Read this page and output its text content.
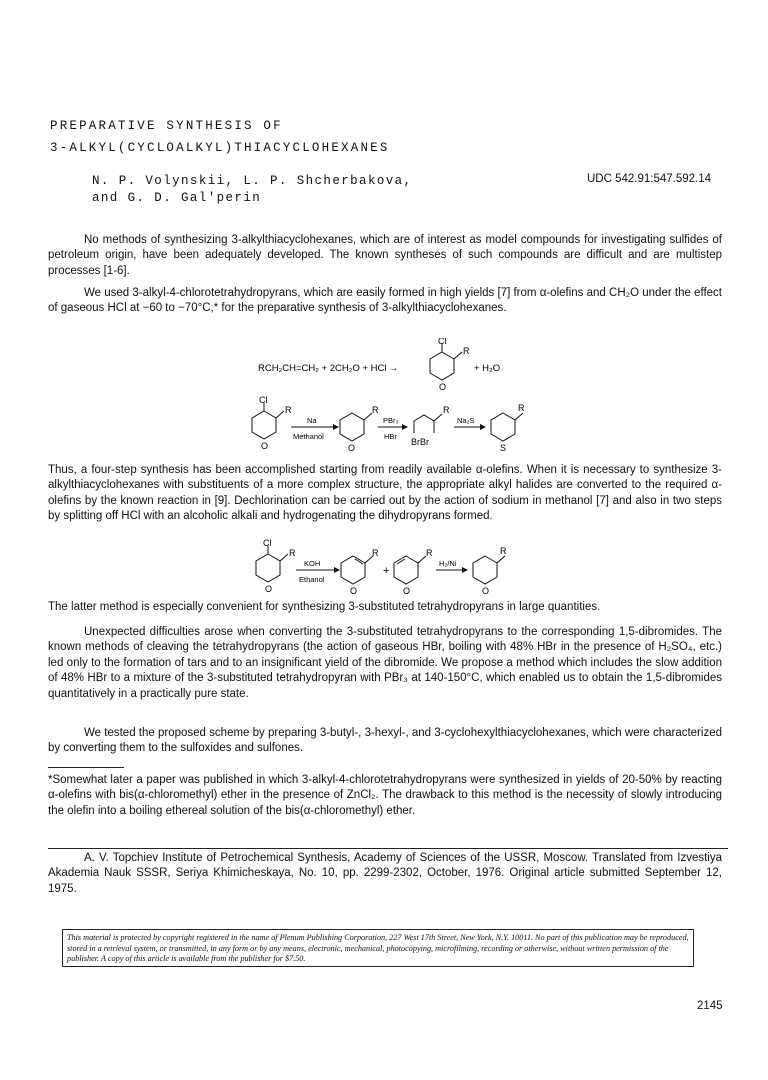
PREPARATIVE SYNTHESIS OF
3-ALKYL(CYCLOALKYL)THIACYCLOHEXANES
N. P. Volynskii, L. P. Shcherbakova,
and G. D. Gal'perin
UDC 542.91:547.592.14

No methods of synthesizing 3-alkylthiacyclohexanes, which are of interest as model compounds for investigating sulfides of petroleum origin, have been adequately developed. The known syntheses of such compounds are difficult and are multistep processes [1-6].

We used 3-alkyl-4-chlorotetrahydropyrans, which are easily formed in high yields [7] from α-olefins and CH₂O under the effect of gaseous HCl at −60 to −70°C,* for the preparative synthesis of 3-alkylthiacyclohexanes.

RCH₂CH=CH₂ + 2CH₂O + HCl →
Cl
R
O
+ H₂O
Cl
R
O
Na
Methanol
R
O
PBr₃
HBr
R
BrBr
Na₂S
R
S

Thus, a four-step synthesis has been accomplished starting from readily available α-olefins. When it is necessary to synthesize 3-alkylthiacyclohexanes with substituents of a more complex structure, the appropriate alkyl halides are converted to the required α-olefins by the known reaction in [9]. Dechlorination can be carried out by the action of sodium in methanol [7] and also in two steps by splitting off HCl with an alcoholic alkali and hydrogenating the dihydropyrans formed.

Cl
R
O
KOH
Ethanol
R
O
+
R
O
H₂/Ni
R
O

The latter method is especially convenient for synthesizing 3-substituted tetrahydropyrans in large quantities.

Unexpected difficulties arose when converting the 3-substituted tetrahydropyrans to the corresponding 1,5-dibromides. The known methods of cleaving the tetrahydropyrans (the action of gaseous HBr, boiling with 48% HBr in the presence of H₂SO₄, etc.) led only to the formation of tars and to an insignificant yield of the dibromide. We propose a method which includes the slow addition of 48% HBr to a mixture of the 3-substituted tetrahydropyran with PBr₃ at 140-150°C, which enabled us to obtain the 1,5-dibromides quantitatively in a practically pure state.

We tested the proposed scheme by preparing 3-butyl-, 3-hexyl-, and 3-cyclohexylthiacyclohexanes, which were characterized by converting them to the sulfoxides and sulfones.

*Somewhat later a paper was published in which 3-alkyl-4-chlorotetrahydropyrans were synthesized in yields of 20-50% by reacting α-olefins with bis(α-chloromethyl) ether in the presence of ZnCl₂. The drawback to this method is the necessity of slowly introducing the olefin into a boiling ethereal solution of the bis(α-chloromethyl) ether.

A. V. Topchiev Institute of Petrochemical Synthesis, Academy of Sciences of the USSR, Moscow. Translated from Izvestiya Akademia Nauk SSSR, Seriya Khimicheskaya, No. 10, pp. 2299-2302, October, 1976. Original article submitted September 12, 1975.

This material is protected by copyright registered in the name of Plenum Publishing Corporation, 227 West 17th Street, New York, N.Y. 10011. No part of this publication may be reproduced, stored in a retrieval system, or transmitted, in any form or by any means, electronic, mechanical, photocopying, microfilming, recording or otherwise, without written permission of the publisher. A copy of this article is available from the publisher for $7.50.
2145
